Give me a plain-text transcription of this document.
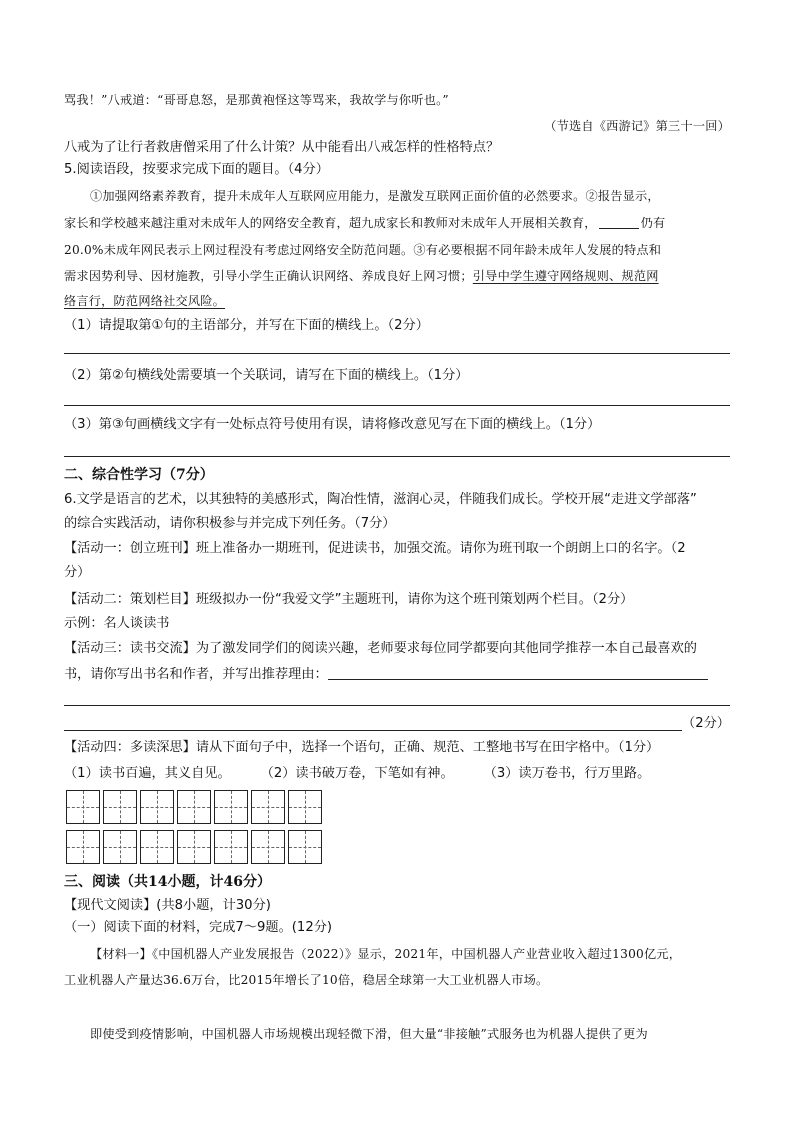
骂我！”八戒道：“哥哥息怒，是那黄袍怪这等骂来，我故学与你听也。”
（节选自《西游记》第三十一回）
八戒为了让行者救唐僧采用了什么计策？从中能看出八戒怎样的性格特点？
5.阅读语段，按要求完成下面的题目。（4分）
①加强网络素养教育，提升未成年人互联网应用能力，是激发互联网正面价值的必然要求。②报告显示，
家长和学校越来越注重对未成年人的网络安全教育，超九成家长和教师对未成年人开展相关教育，	仍有
20.0%未成年网民表示上网过程没有考虑过网络安全防范问题。③有必要根据不同年龄未成年人发展的特点和
需求因势利导、因材施教，引导小学生正确认识网络、养成良好上网习惯；引导中学生遵守网络规则、规范网
络言行，防范网络社交风险。
（1）请提取第①句的主语部分，并写在下面的横线上。（2分）
（2）第②句横线处需要填一个关联词，请写在下面的横线上。（1分）
（3）第③句画横线文字有一处标点符号使用有误，请将修改意见写在下面的横线上。（1分）
二、综合性学习（7分）
6.文学是语言的艺术，以其独特的美感形式，陶冶性情，滋润心灵，伴随我们成长。学校开展“走进文学部落”
的综合实践活动，请你积极参与并完成下列任务。（7分）
【活动一：创立班刊】班上准备办一期班刊，促进读书，加强交流。请你为班刊取一个朗朗上口的名字。（2
分）
【活动二：策划栏目】班级拟办一份“我爱文学”主题班刊，请你为这个班刊策划两个栏目。（2分）
示例：名人谈读书
【活动三：读书交流】为了激发同学们的阅读兴趣，老师要求每位同学都要向其他同学推荐一本自己最喜欢的
书，请你写出书名和作者，并写出推荐理由：
（2分）
【活动四：多读深思】请从下面句子中，选择一个语句，正确、规范、工整地书写在田字格中。（1分）
（1）读书百遍，其义自见。 （2）读书破万卷，下笔如有神。 （3）读万卷书，行万里路。
三、阅读（共14小题，计46分）
【现代文阅读】(共8小题，计30分)
（一）阅读下面的材料，完成7～9题。(12分)
【材料一】《中国机器人产业发展报告（2022）》显示，2021年，中国机器人产业营业收入超过1300亿元，
工业机器人产量达36.6万台，比2015年增长了10倍，稳居全球第一大工业机器人市场。
即使受到疫情影响，中国机器人市场规模出现轻微下滑，但大量“非接触”式服务也为机器人提供了更为
